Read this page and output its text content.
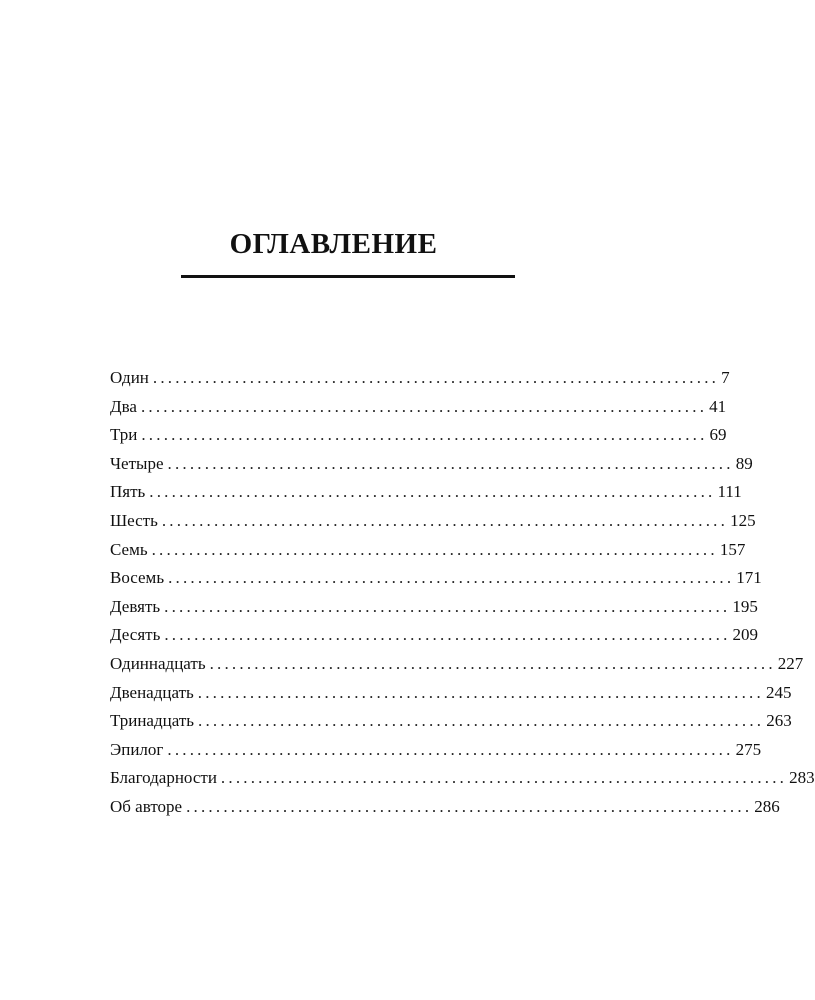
ОГЛАВЛЕНИЕ
Один ............................................................................ 7
Два ............................................................................ 41
Три ............................................................................ 69
Четыре ............................................................................ 89
Пять ............................................................................ 111
Шесть ............................................................................ 125
Семь ............................................................................ 157
Восемь ............................................................................ 171
Девять ............................................................................ 195
Десять ............................................................................ 209
Одиннадцать ............................................................................ 227
Двенадцать ............................................................................ 245
Тринадцать ............................................................................ 263
Эпилог ............................................................................ 275
Благодарности ............................................................................ 283
Об авторе ............................................................................ 286
